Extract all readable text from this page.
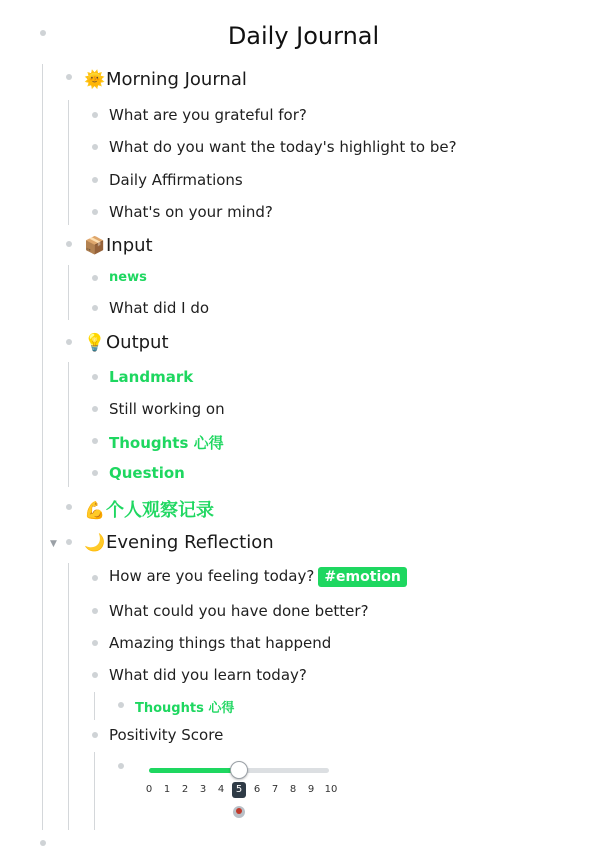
Daily Journal
🌞Morning Journal
What are you grateful for?
What do you want the today's highlight to be?
Daily Affirmations
What's on your mind?
📦Input
news
What did I do
💡Output
Landmark
Still working on
Thoughts 心得
Question
💪个人观察记录
▼ 🌙Evening Reflection
How are you feeling today? #emotion
What could you have done better?
Amazing things that happend
What did you learn today?
Thoughts 心得
Positivity Score
0	1	2	3	4	5	6	7	8	9	10
